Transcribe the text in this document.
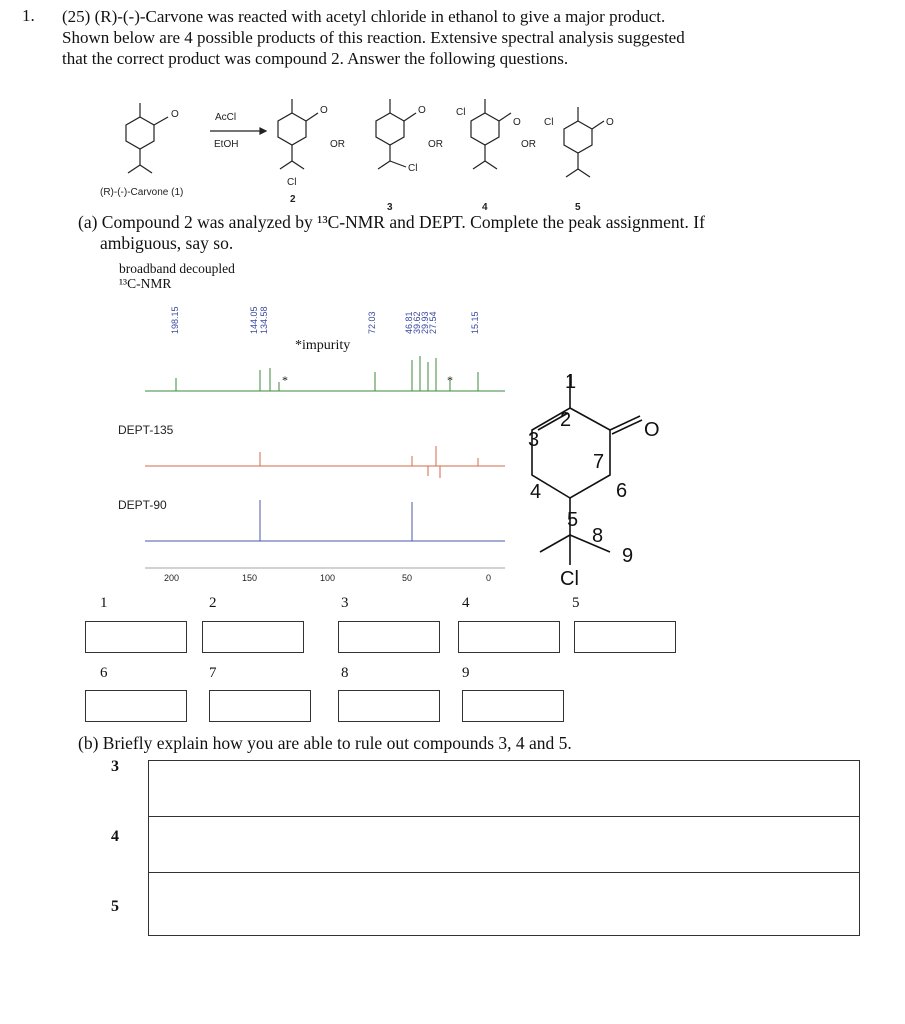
1. (25) (R)-(-)-Carvone was reacted with acetyl chloride in ethanol to give a major product.
Shown below are 4 possible products of this reaction. Extensive spectral analysis suggested
that the correct product was compound 2. Answer the following questions.
O	AcCl
EtOH
O
Cl
OR
O
Cl
OR
Cl
O
OR
Cl	O
(R)-(-)-Carvone (1)
2
3	4	5
(a) Compound 2 was analyzed by ¹³C-NMR and DEPT. Complete the peak assignment. If
ambiguous, say so.
broadband decoupled
¹³C-NMR
198.15	144.05 134.58	72.03	46.81
39.62
29.93
27.54	15.15
*impurity
*	*
DEPT-135
DEPT-90
200	150	100	50	0
1
2
3
4
5
6
7
8
9
O
Cl
1	2	3	4	5
6	7	8	9
(b) Briefly explain how you are able to rule out compounds 3, 4 and 5.
3
4
5
